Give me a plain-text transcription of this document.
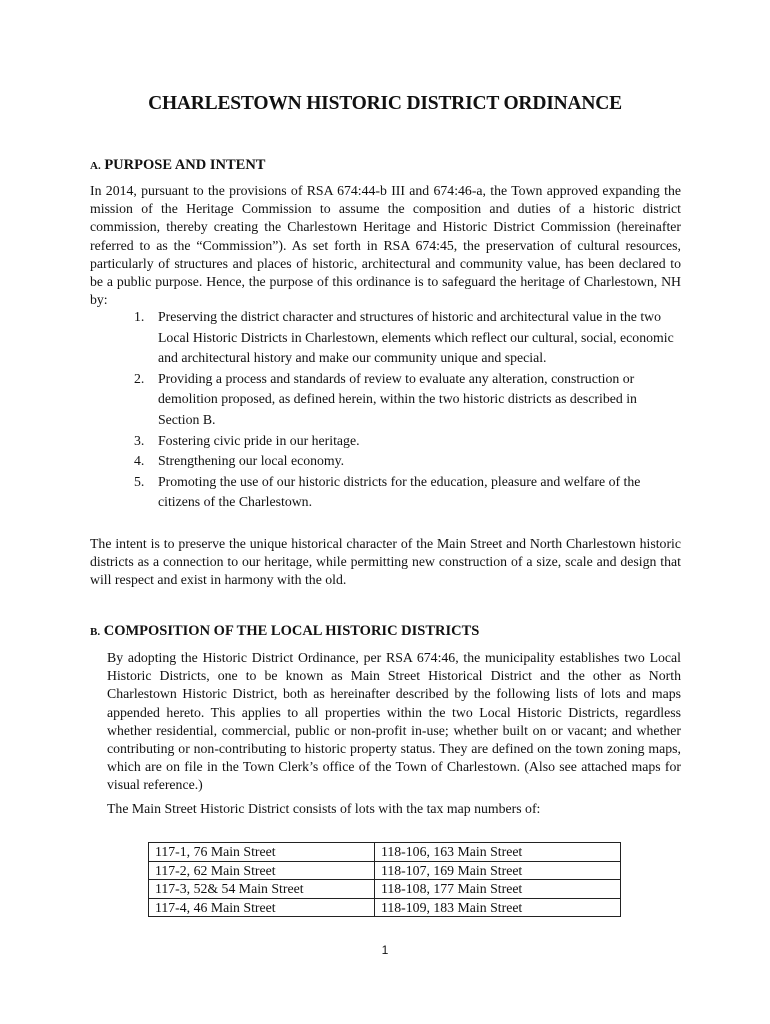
CHARLESTOWN HISTORIC DISTRICT ORDINANCE
A. PURPOSE AND INTENT

In 2014, pursuant to the provisions of RSA 674:44-b III and 674:46-a, the Town approved expanding the mission of the Heritage Commission to assume the composition and duties of a historic district commission, thereby creating the Charlestown Heritage and Historic District Commission (hereinafter referred to as the “Commission”). As set forth in RSA 674:45, the preservation of cultural resources, particularly of structures and places of historic, architectural and community value, has been declared to be a public purpose. Hence, the purpose of this ordinance is to safeguard the heritage of Charlestown, NH by:

1. Preserving the district character and structures of historic and architectural value in the two Local Historic Districts in Charlestown, elements which reflect our cultural, social, economic and architectural history and make our community unique and special.
2. Providing a process and standards of review to evaluate any alteration, construction or demolition proposed, as defined herein, within the two historic districts as described in Section B.
3. Fostering civic pride in our heritage.
4. Strengthening our local economy.
5. Promoting the use of our historic districts for the education, pleasure and welfare of the citizens of the Charlestown.

The intent is to preserve the unique historical character of the Main Street and North Charlestown historic districts as a connection to our heritage, while permitting new construction of a size, scale and design that will respect and exist in harmony with the old.

B. COMPOSITION OF THE LOCAL HISTORIC DISTRICTS

By adopting the Historic District Ordinance, per RSA 674:46, the municipality establishes two Local Historic Districts, one to be known as Main Street Historical District and the other as North Charlestown Historic District, both as hereinafter described by the following lists of lots and maps appended hereto. This applies to all properties within the two Local Historic Districts, regardless whether residential, commercial, public or non-profit in-use; whether built on or vacant; and whether contributing or non-contributing to historic property status. They are defined on the town zoning maps, which are on file in the Town Clerk’s office of the Town of Charlestown. (Also see attached maps for visual reference.)

The Main Street Historic District consists of lots with the tax map numbers of:

117-1, 76 Main Street	118-106, 163 Main Street
117-2, 62 Main Street	118-107, 169 Main Street
117-3, 52& 54 Main Street	118-108, 177 Main Street
117-4, 46 Main Street	118-109, 183 Main Street
1
